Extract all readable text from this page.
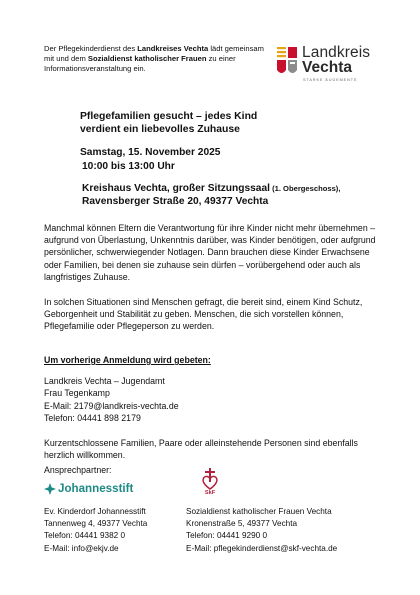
Der Pflegekinderdienst des Landkreises Vechta lädt gemeinsam mit und dem Sozialdienst katholischer Frauen zu einer Informationsveranstaltung ein.
Landkreis
Vechta
STARKE ÄUGEMENTE
Pflegefamilien gesucht – jedes Kind
verdient ein liebevolles Zuhause
Samstag, 15. November 2025
10:00 bis 13:00 Uhr
Kreishaus Vechta, großer Sitzungssaal (1. Obergeschoss),
Ravensberger Straße 20, 49377 Vechta
Manchmal können Eltern die Verantwortung für ihre Kinder nicht mehr übernehmen – aufgrund von Überlastung, Unkenntnis darüber, was Kinder benötigen, oder aufgrund persönlicher, schwerwiegender Notlagen. Dann brauchen diese Kinder Erwachsene oder Familien, bei denen sie zuhause sein dürfen – vorübergehend oder auch als langfristiges Zuhause.
In solchen Situationen sind Menschen gefragt, die bereit sind, einem Kind Schutz, Geborgenheit und Stabilität zu geben. Menschen, die sich vorstellen können, Pflegefamilie oder Pflegeperson zu werden.
Um vorherige Anmeldung wird gebeten:
Landkreis Vechta – Jugendamt
Frau Tegenkamp
E-Mail: 2179@landkreis-vechta.de
Telefon: 04441 898 2179
Kurzentschlossene Familien, Paare oder alleinstehende Personen sind ebenfalls herzlich willkommen.
Ansprechpartner:
Johannesstift	SkF
Ev. Kinderdorf Johannesstift
Tannenweg 4, 49377 Vechta
Telefon: 04441 9382 0
E-Mail: info@ekjv.de
Sozialdienst katholischer Frauen Vechta
Kronenstraße 5, 49377 Vechta
Telefon: 04441 9290 0
E-Mail: pflegekinderdienst@skf-vechta.de
